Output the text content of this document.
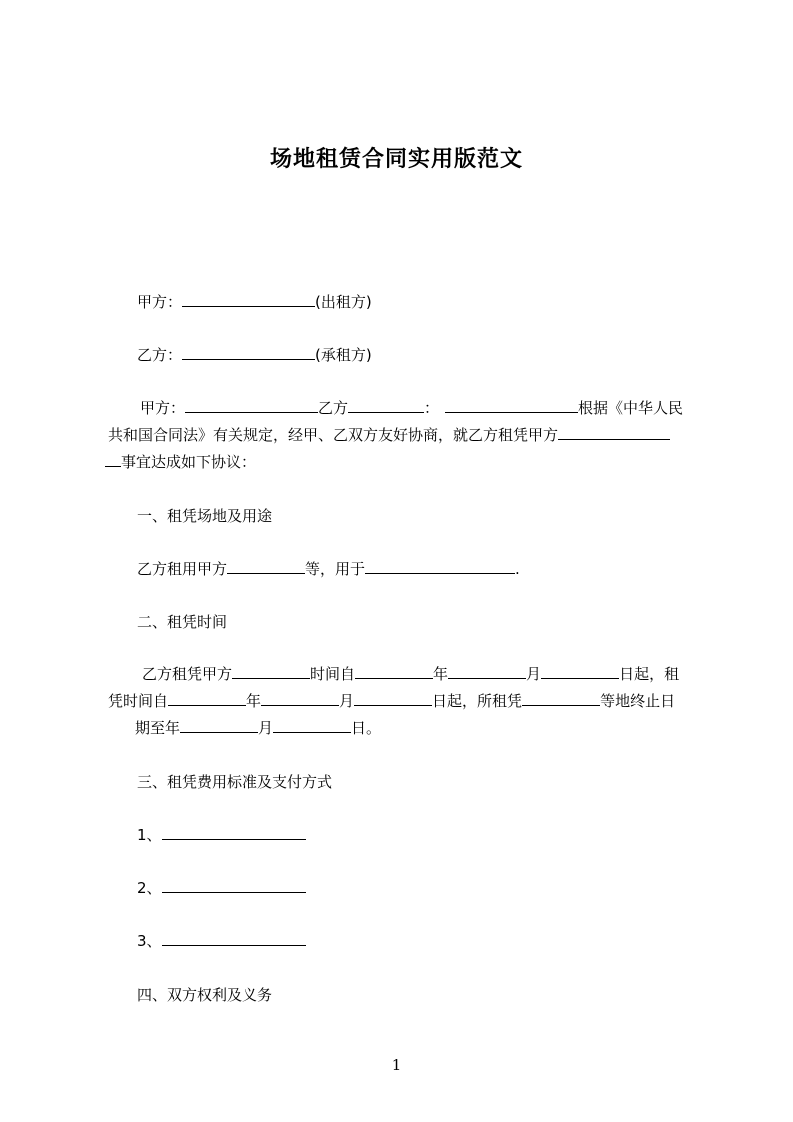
场地租赁合同实用版范文
甲方：	(出租方)
乙方：	(承租方)
甲方：	乙方	：	根据《中华人民
共和国合同法》有关规定，经甲、乙双方友好协商，就乙方租凭甲方
事宜达成如下协议：
一、租凭场地及用途
乙方租用甲方	等，用于	.
二、租凭时间
乙方租凭甲方	时间自	年	月	日起，租
凭时间自	年	月	日起，所租凭	等地终止日
期至年	月	日。
三、租凭费用标准及支付方式
1、
2、
3、
四、双方权利及义务
1
